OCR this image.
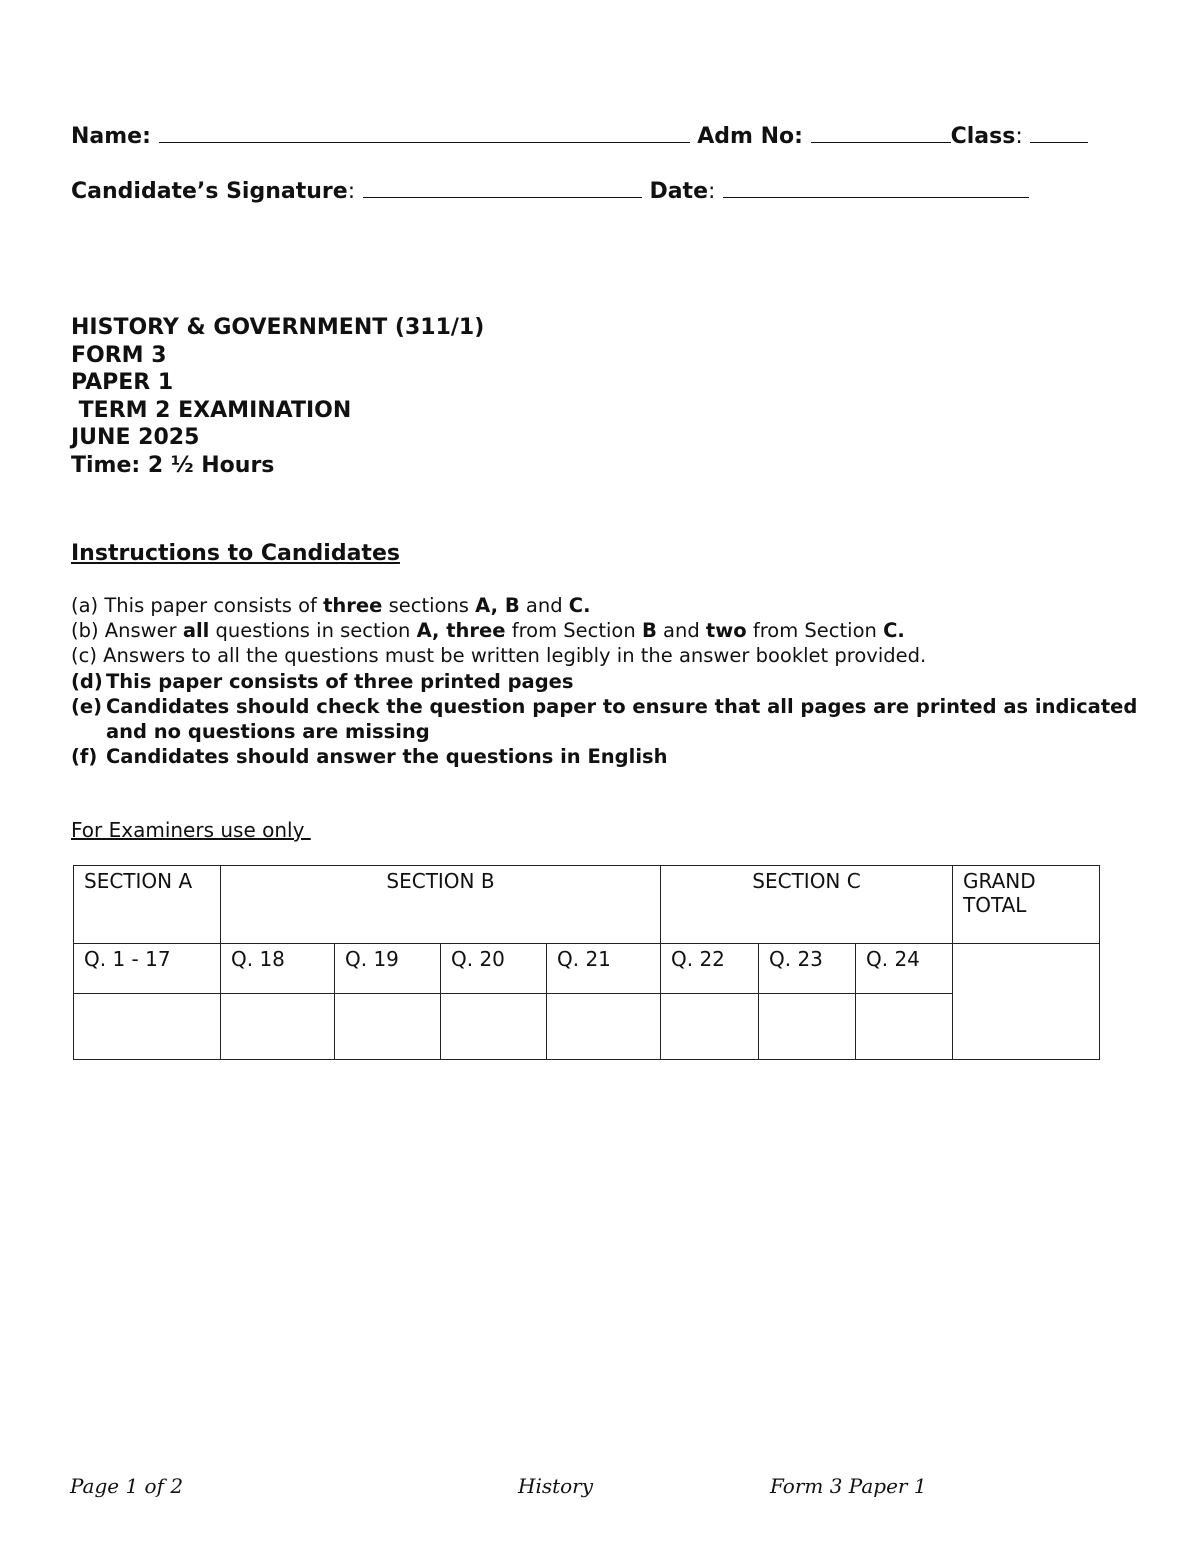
Name:	Adm No:	Class:
Candidate’s Signature:	Date:
HISTORY & GOVERNMENT (311/1)
FORM 3
PAPER 1
TERM 2 EXAMINATION
JUNE 2025
Time: 2 ½ Hours
Instructions to Candidates
(a) This paper consists of three sections A, B and C.
(b) Answer all questions in section A, three from Section B and two from Section C.
(c) Answers to all the questions must be written legibly in the answer booklet provided.
(d) This paper consists of three printed pages
(e) Candidates should check the question paper to ensure that all pages are printed as indicated and no questions are missing
(f) Candidates should answer the questions in English
For Examiners use only
SECTION A	SECTION B				SECTION C			GRAND TOTAL
Q. 1 - 17	Q. 18	Q. 19	Q. 20	Q. 21	Q. 22	Q. 23	Q. 24	

Page 1 of 2	History	Form 3 Paper 1
